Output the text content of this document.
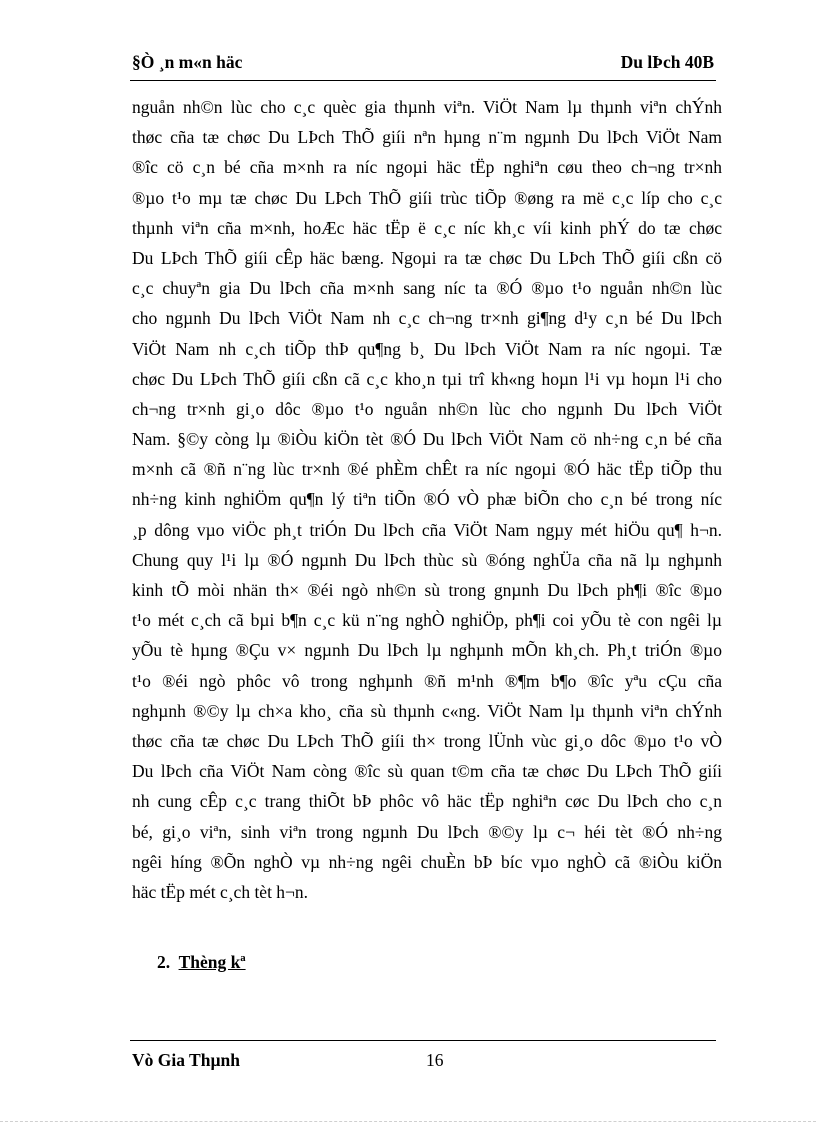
§Ò ¸n m«n häc	Du lÞch 40B
nguån nh©n lùc cho c¸c quèc gia thµnh viªn. ViÖt Nam lµ thµnh viªn chÝnh
thøc cña tæ chøc Du LÞch ThÕ giíi nªn hµng n¨m ngµnh Du lÞch ViÖt Nam
®îc cö c¸n bé cña m×nh ra níc ngoµi häc tËp nghiªn cøu theo ch¬ng tr×nh
®µo t¹o mµ tæ chøc Du LÞch ThÕ giíi trùc tiÕp ®øng ra më c¸c líp cho c¸c
thµnh viªn cña m×nh, hoÆc häc tËp ë c¸c níc kh¸c víi kinh phÝ do tæ chøc
Du LÞch ThÕ giíi cÊp häc bæng. Ngoµi ra tæ chøc Du LÞch ThÕ giíi cßn cö
c¸c chuyªn gia Du lÞch cña m×nh sang níc ta ®Ó ®µo t¹o nguån nh©n lùc
cho ngµnh Du lÞch ViÖt Nam nh c¸c ch¬ng tr×nh gi¶ng d¹y c¸n bé Du lÞch
ViÖt Nam nh c¸ch tiÕp thÞ qu¶ng b¸ Du lÞch ViÖt Nam ra níc ngoµi. Tæ
chøc Du LÞch ThÕ giíi cßn cã c¸c kho¸n tµi trî kh«ng hoµn l¹i vµ hoµn l¹i cho
ch¬ng tr×nh gi¸o dôc ®µo t¹o nguån nh©n lùc cho ngµnh Du lÞch ViÖt
Nam. §©y còng lµ ®iÒu kiÖn tèt ®Ó Du lÞch ViÖt Nam cö nh÷ng c¸n bé cña
m×nh cã ®ñ n¨ng lùc tr×nh ®é phÈm chÊt ra níc ngoµi ®Ó häc tËp tiÕp thu
nh÷ng kinh nghiÖm qu¶n lý tiªn tiÕn ®Ó vÒ phæ biÕn cho c¸n bé trong níc
¸p dông vµo viÖc ph¸t triÓn Du lÞch cña ViÖt Nam ngµy mét hiÖu qu¶ h¬n.
Chung quy l¹i lµ ®Ó ngµnh Du lÞch thùc sù ®óng nghÜa cña nã lµ nghµnh
kinh tÕ mòi nhän th× ®éi ngò nh©n sù trong gnµnh Du lÞch ph¶i ®îc ®µo
t¹o mét c¸ch cã bµi b¶n c¸c kü n¨ng nghÒ nghiÖp, ph¶i coi yÕu tè con ngêi lµ
yÕu tè hµng ®Çu v× ngµnh Du lÞch lµ nghµnh mÕn kh¸ch. Ph¸t triÓn ®µo
t¹o ®éi ngò phôc vô trong nghµnh ®ñ m¹nh ®¶m b¶o ®îc yªu cÇu cña
nghµnh ®©y lµ ch×a kho¸ cña sù thµnh c«ng. ViÖt Nam lµ thµnh viªn chÝnh
thøc cña tæ chøc Du LÞch ThÕ giíi th× trong lÜnh vùc gi¸o dôc ®µo t¹o vÒ
Du lÞch cña ViÖt Nam còng ®îc sù quan t©m cña tæ chøc Du LÞch ThÕ giíi
nh cung cÊp c¸c trang thiÕt bÞ phôc vô häc tËp nghiªn cøc Du lÞch cho c¸n
bé, gi¸o viªn, sinh viªn trong ngµnh Du lÞch ®©y lµ c¬ héi tèt ®Ó nh÷ng
ngêi híng ®Õn nghÒ vµ nh÷ng ngêi chuÈn bÞ bíc vµo nghÒ cã ®iÒu kiÖn
häc tËp mét c¸ch tèt h¬n.
2. Thèng kª
Vò Gia Thµnh	16
